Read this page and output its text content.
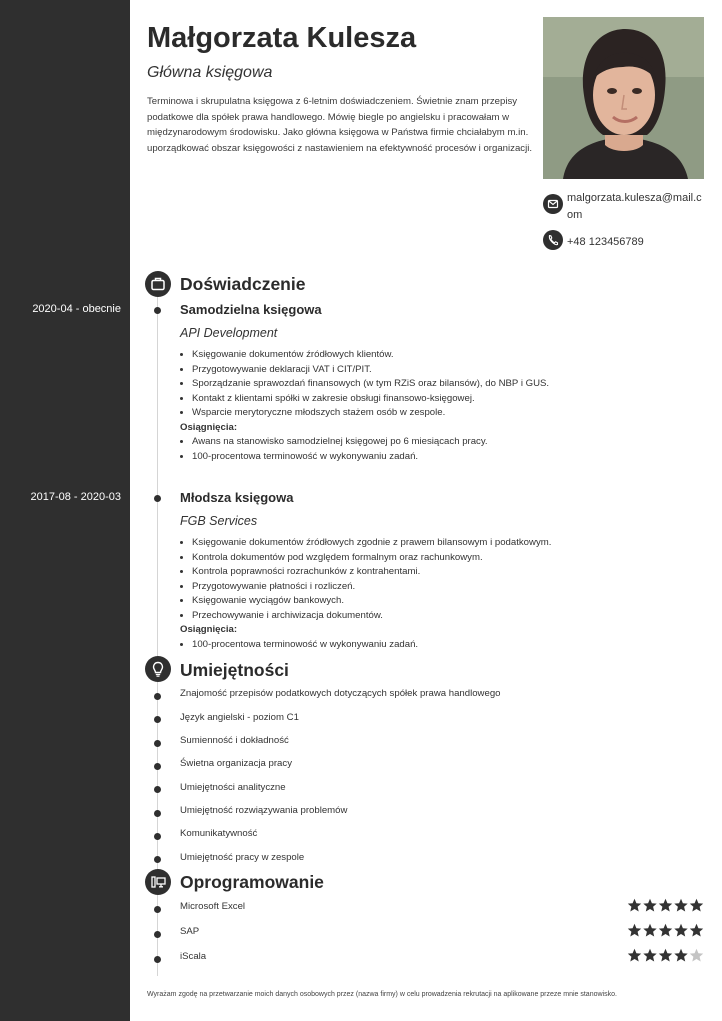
Małgorzata Kulesza
Główna księgowa

Terminowa i skrupulatna księgowa z 6-letnim doświadczeniem. Świetnie znam przepisy podatkowe dla spółek prawa handlowego. Mówię biegle po angielsku i pracowałam w międzynarodowym środowisku. Jako główna księgowa w Państwa firmie chciałabym m.in. uporządkować obszar księgowości z nastawieniem na efektywność procesów i organizacji.

malgorzata.kulesza@mail.com
+48 123456789
Doświadczenie
2020-04 - obecnie	Samodzielna księgowa
API Development
• Księgowanie dokumentów źródłowych klientów.
• Przygotowywanie deklaracji VAT i CIT/PIT.
• Sporządzanie sprawozdań finansowych (w tym RZiS oraz bilansów), do NBP i GUS.
• Kontakt z klientami spółki w zakresie obsługi finansowo-księgowej.
• Wsparcie merytoryczne młodszych stażem osób w zespole.
Osiągnięcia:
• Awans na stanowisko samodzielnej księgowej po 6 miesiącach pracy.
• 100-procentowa terminowość w wykonywaniu zadań.
2017-08 - 2020-03	Młodsza księgowa
FGB Services
• Księgowanie dokumentów źródłowych zgodnie z prawem bilansowym i podatkowym.
• Kontrola dokumentów pod względem formalnym oraz rachunkowym.
• Kontrola poprawności rozrachunków z kontrahentami.
• Przygotowywanie płatności i rozliczeń.
• Księgowanie wyciągów bankowych.
• Przechowywanie i archiwizacja dokumentów.
Osiągnięcia:
• 100-procentowa terminowość w wykonywaniu zadań.
Umiejętności
Znajomość przepisów podatkowych dotyczących spółek prawa handlowego
Język angielski - poziom C1
Sumienność i dokładność
Świetna organizacja pracy
Umiejętności analityczne
Umiejętność rozwiązywania problemów
Komunikatywność
Umiejętność pracy w zespole
Oprogramowanie
Microsoft Excel
SAP
iScala
Wyrażam zgodę na przetwarzanie moich danych osobowych przez (nazwa firmy) w celu prowadzenia rekrutacji na aplikowane przeze mnie stanowisko.
